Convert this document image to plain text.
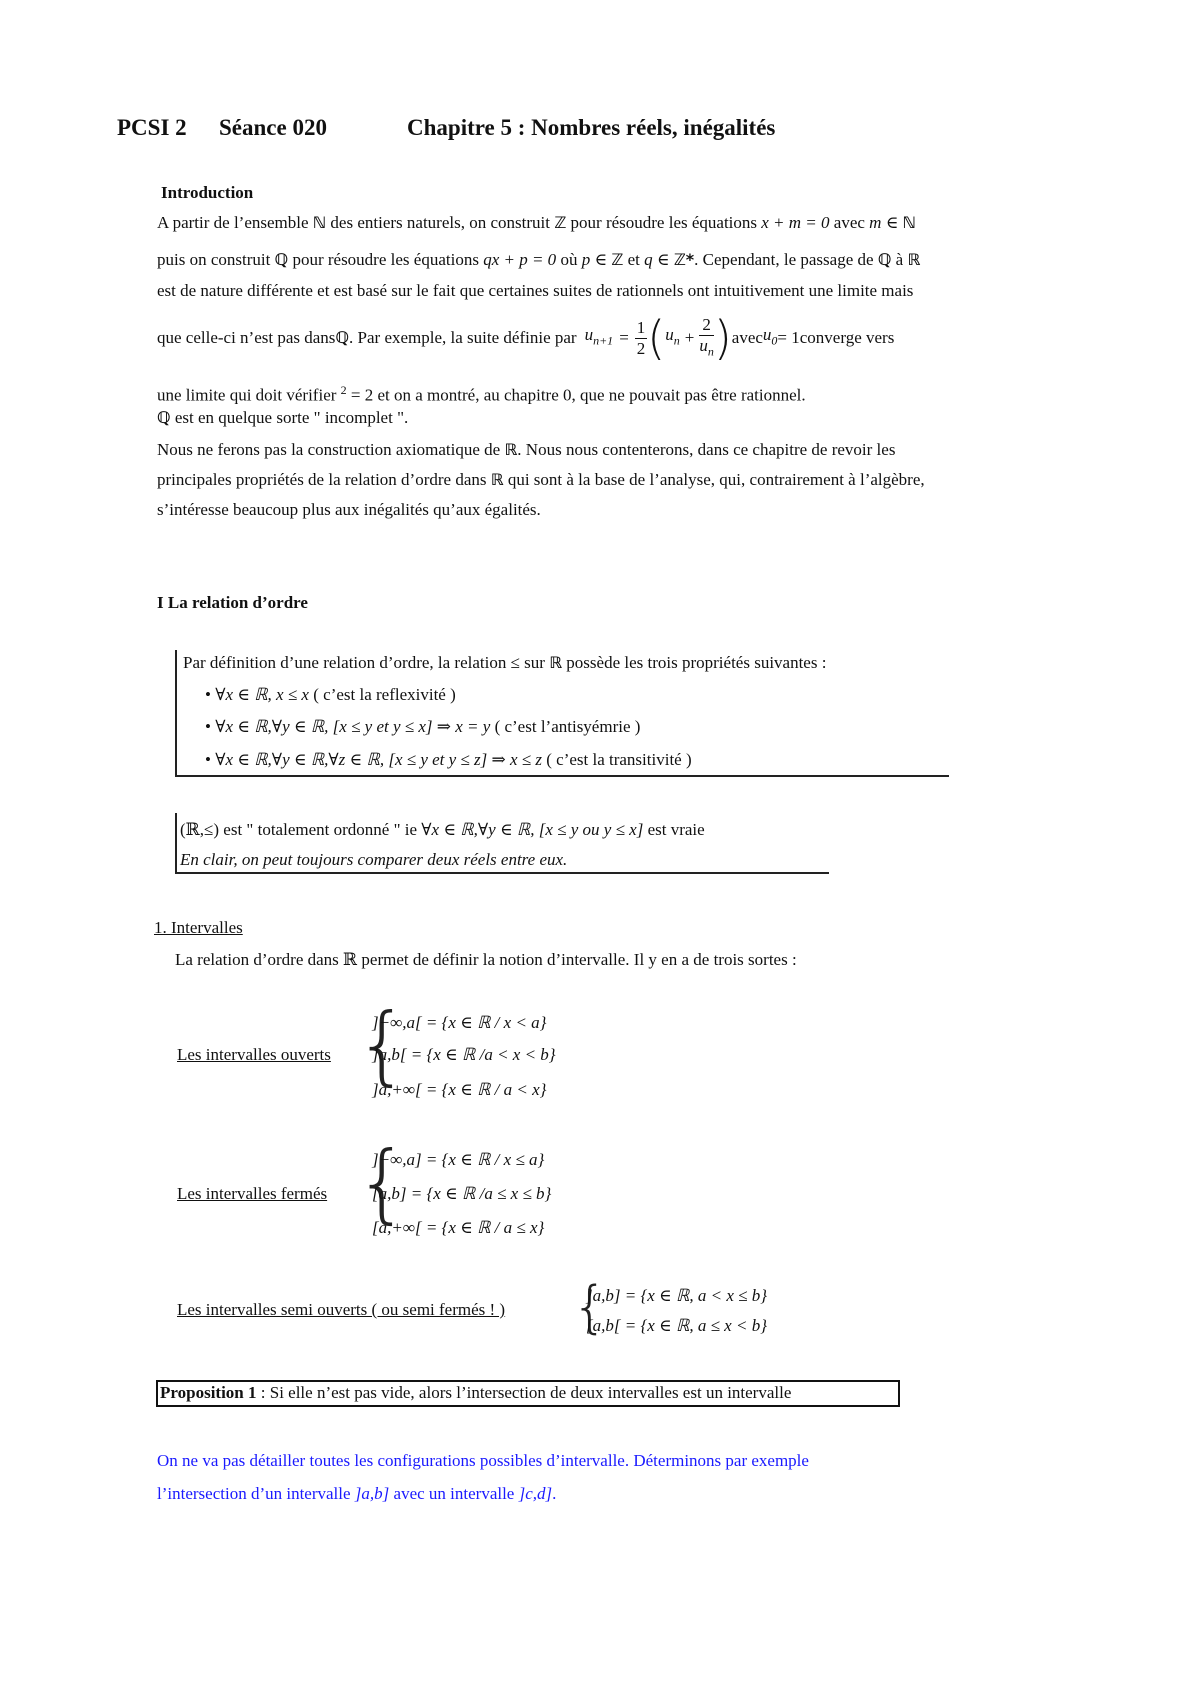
PCSI 2 Séance 020	Chapitre 5 : Nombres réels, inégalités
Introduction
A partir de l’ensemble ℕ des entiers naturels, on construit ℤ pour résoudre les équations x + m = 0 avec m ∈ ℕ
puis on construit ℚ pour résoudre les équations qx + p = 0 où p ∈ ℤ et q ∈ ℤ*. Cependant, le passage de ℚ à ℝ
est de nature différente et est basé sur le fait que certaines suites de rationnels ont intuitivement une limite mais
que celle-ci n’est pas dans ℚ . Par exemple, la suite définie par $u_{n+1} = \frac{1}{2}$ ( $u_n + \frac{2}{u_n}$ ) avec $u_0 = 1$ converge vers
une limite qui doit vérifier $^2$ = 2 et on a montré, au chapitre 0, que ne pouvait pas être rationnel.
ℚ est en quelque sorte " incomplet ".
Nous ne ferons pas la construction axiomatique de ℝ. Nous nous contenterons, dans ce chapitre de revoir les
principales propriétés de la relation d’ordre dans ℝ qui sont à la base de l’analyse, qui, contrairement à l’algèbre,
s’intéresse beaucoup plus aux inégalités qu’aux égalités.
I La relation d’ordre
Par définition d’une relation d’ordre, la relation ≤ sur ℝ possède les trois propriétés suivantes :
• ∀x ∈ ℝ, x ≤ x ( c’est la reflexivité )
• ∀x ∈ ℝ,∀y ∈ ℝ, [x ≤ y et y ≤ x] ⇒ x = y ( c’est l’antisyémrie )
• ∀x ∈ ℝ,∀y ∈ ℝ,∀z ∈ ℝ, [x ≤ y et y ≤ z] ⇒ x ≤ z ( c’est la transitivité )
(ℝ,≤) est " totalement ordonné " ie ∀x ∈ ℝ,∀y ∈ ℝ, [x ≤ y ou y ≤ x] est vraie
En clair, on peut toujours comparer deux réels entre eux.
1. Intervalles
La relation d’ordre dans ℝ permet de définir la notion d’intervalle. Il y en a de trois sortes :
Les intervalles ouverts {
]−∞,a[ = {x ∈ ℝ / x < a}
]a,b[ = {x ∈ ℝ /a < x < b}
]a,+∞[ = {x ∈ ℝ / a < x}
Les intervalles fermés {
]−∞,a] = {x ∈ ℝ / x ≤ a}
[a,b] = {x ∈ ℝ /a ≤ x ≤ b}
[a,+∞[ = {x ∈ ℝ / a ≤ x}
Les intervalles semi ouverts ( ou semi fermés ! ) {
]a,b] = {x ∈ ℝ, a < x ≤ b}
[a,b[ = {x ∈ ℝ, a ≤ x < b}
Proposition 1 : Si elle n’est pas vide, alors l’intersection de deux intervalles est un intervalle
On ne va pas détailler toutes les configurations possibles d’intervalle. Déterminons par exemple
l’intersection d’un intervalle ]a,b] avec un intervalle ]c,d].
